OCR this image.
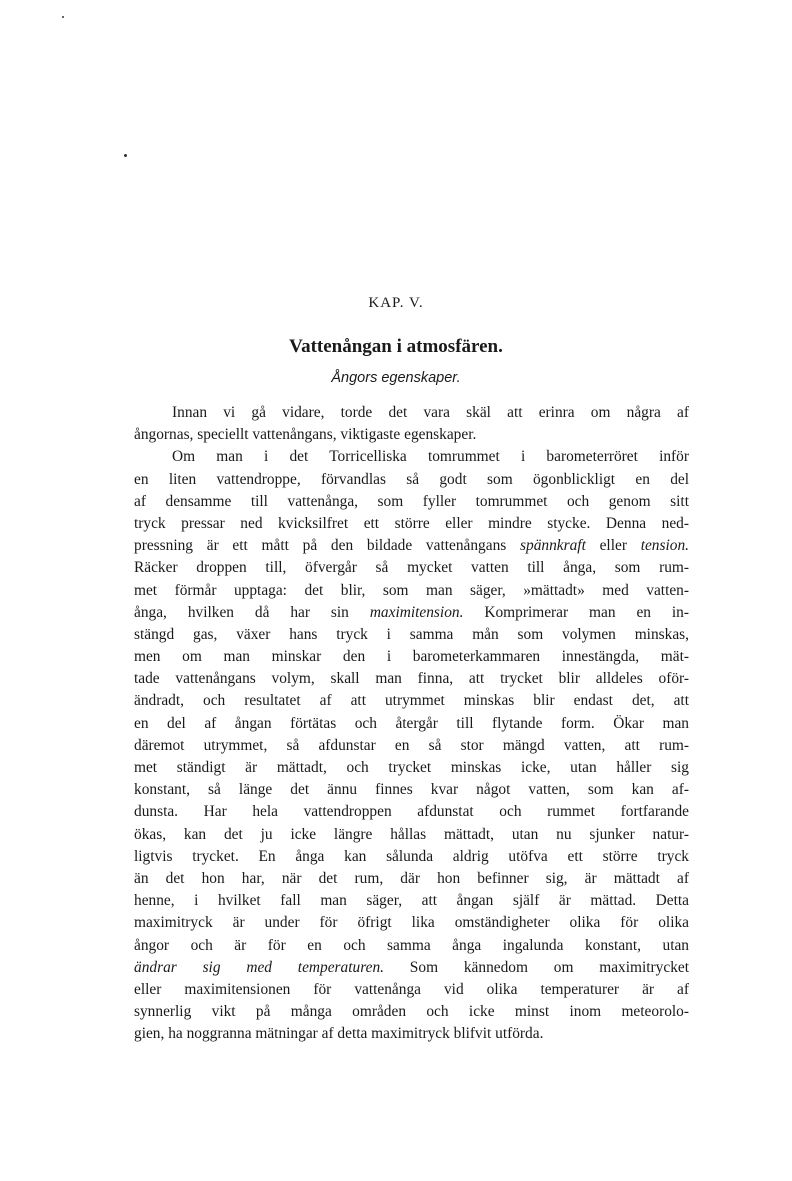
KAP. V.
Vattenångan i atmosfären.
Ångors egenskaper.
Innan vi gå vidare, torde det vara skäl att erinra om några af
ångornas, speciellt vattenångans, viktigaste egenskaper.
Om man i det Torricelliska tomrummet i barometerröret inför
en liten vattendroppe, förvandlas så godt som ögonblickligt en del
af densamme till vattenånga, som fyller tomrummet och genom sitt
tryck pressar ned kvicksilfret ett större eller mindre stycke. Denna ned-
pressning är ett mått på den bildade vattenångans spännkraft eller tension.
Räcker droppen till, öfvergår så mycket vatten till ånga, som rum-
met förmår upptaga: det blir, som man säger, »mättadt» med vatten-
ånga, hvilken då har sin maximitension. Komprimerar man en in-
stängd gas, växer hans tryck i samma mån som volymen minskas,
men om man minskar den i barometerkammaren innestängda, mät-
tade vattenångans volym, skall man finna, att trycket blir alldeles oför-
ändradt, och resultatet af att utrymmet minskas blir endast det, att
en del af ångan förtätas och återgår till flytande form. Ökar man
däremot utrymmet, så afdunstar en så stor mängd vatten, att rum-
met ständigt är mättadt, och trycket minskas icke, utan håller sig
konstant, så länge det ännu finnes kvar något vatten, som kan af-
dunsta. Har hela vattendroppen afdunstat och rummet fortfarande
ökas, kan det ju icke längre hållas mättadt, utan nu sjunker natur-
ligtvis trycket. En ånga kan sålunda aldrig utöfva ett större tryck
än det hon har, när det rum, där hon befinner sig, är mättadt af
henne, i hvilket fall man säger, att ångan själf är mättad. Detta
maximitryck är under för öfrigt lika omständigheter olika för olika
ångor och är för en och samma ånga ingalunda konstant, utan
ändrar sig med temperaturen. Som kännedom om maximitrycket
eller maximitensionen för vattenånga vid olika temperaturer är af
synnerlig vikt på många områden och icke minst inom meteorolo-
gien, ha noggranna mätningar af detta maximitryck blifvit utförda.
